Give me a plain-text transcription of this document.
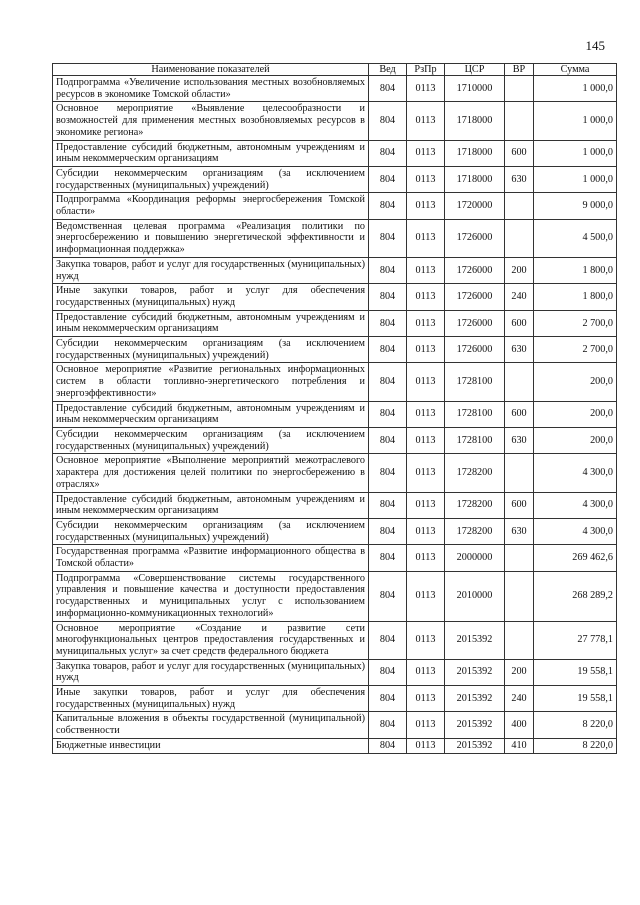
145
Наименование показателей	Вед	РзПр	ЦСР	ВР	Сумма
Подпрограмма «Увеличение использования местных возобновляемых ресурсов в экономике Томской области»	804	0113	1710000		1 000,0
Основное мероприятие «Выявление целесообразности и возможностей для применения местных возобновляемых ресурсов в экономике регионa»	804	0113	1718000		1 000,0
Предоставление субсидий бюджетным, автономным учреждениям и иным некоммерческим организациям	804	0113	1718000	600	1 000,0
Субсидии некоммерческим организациям (за исключением государственных (муниципальных) учреждений)	804	0113	1718000	630	1 000,0
Подпрограмма «Координация реформы энергосбережения Томской области»	804	0113	1720000		9 000,0
Ведомственная целевая программа «Реализация политики по энергосбережению и повышению энергетической эффективности и информационная поддержка»	804	0113	1726000		4 500,0
Закупка товаров, работ и услуг для государственных (муниципальных) нужд	804	0113	1726000	200	1 800,0
Иные закупки товаров, работ и услуг для обеспечения государственных (муниципальных) нужд	804	0113	1726000	240	1 800,0
Предоставление субсидий бюджетным, автономным учреждениям и иным некоммерческим организациям	804	0113	1726000	600	2 700,0
Субсидии некоммерческим организациям (за исключением государственных (муниципальных) учреждений)	804	0113	1726000	630	2 700,0
Основное мероприятие «Развитие региональных информационных систем в области топливно-энергетического потребления и энергоэффективности»	804	0113	1728100		200,0
Предоставление субсидий бюджетным, автономным учреждениям и иным некоммерческим организациям	804	0113	1728100	600	200,0
Субсидии некоммерческим организациям (за исключением государственных (муниципальных) учреждений)	804	0113	1728100	630	200,0
Основное мероприятие «Выполнение мероприятий межотраслевого характера для достижения целей политики по энергосбережению в отраслях»	804	0113	1728200		4 300,0
Предоставление субсидий бюджетным, автономным учреждениям и иным некоммерческим организациям	804	0113	1728200	600	4 300,0
Субсидии некоммерческим организациям (за исключением государственных (муниципальных) учреждений)	804	0113	1728200	630	4 300,0
Государственная программа «Развитие информационного общества в Томской области»	804	0113	2000000		269 462,6
Подпрограмма «Совершенствование системы государственного управления и повышение качества и доступности предоставления государственных и муниципальных услуг с использованием информационно-коммуникационных технологий»	804	0113	2010000		268 289,2
Основное мероприятие «Создание и развитие сети многофункциональных центров предоставления государственных и муниципальных услуг» за счет средств федерального бюджета	804	0113	2015392		27 778,1
Закупка товаров, работ и услуг для государственных (муниципальных) нужд	804	0113	2015392	200	19 558,1
Иные закупки товаров, работ и услуг для обеспечения государственных (муниципальных) нужд	804	0113	2015392	240	19 558,1
Капитальные вложения в объекты государственной (муниципальной) собственности	804	0113	2015392	400	8 220,0
Бюджетные инвестиции	804	0113	2015392	410	8 220,0
